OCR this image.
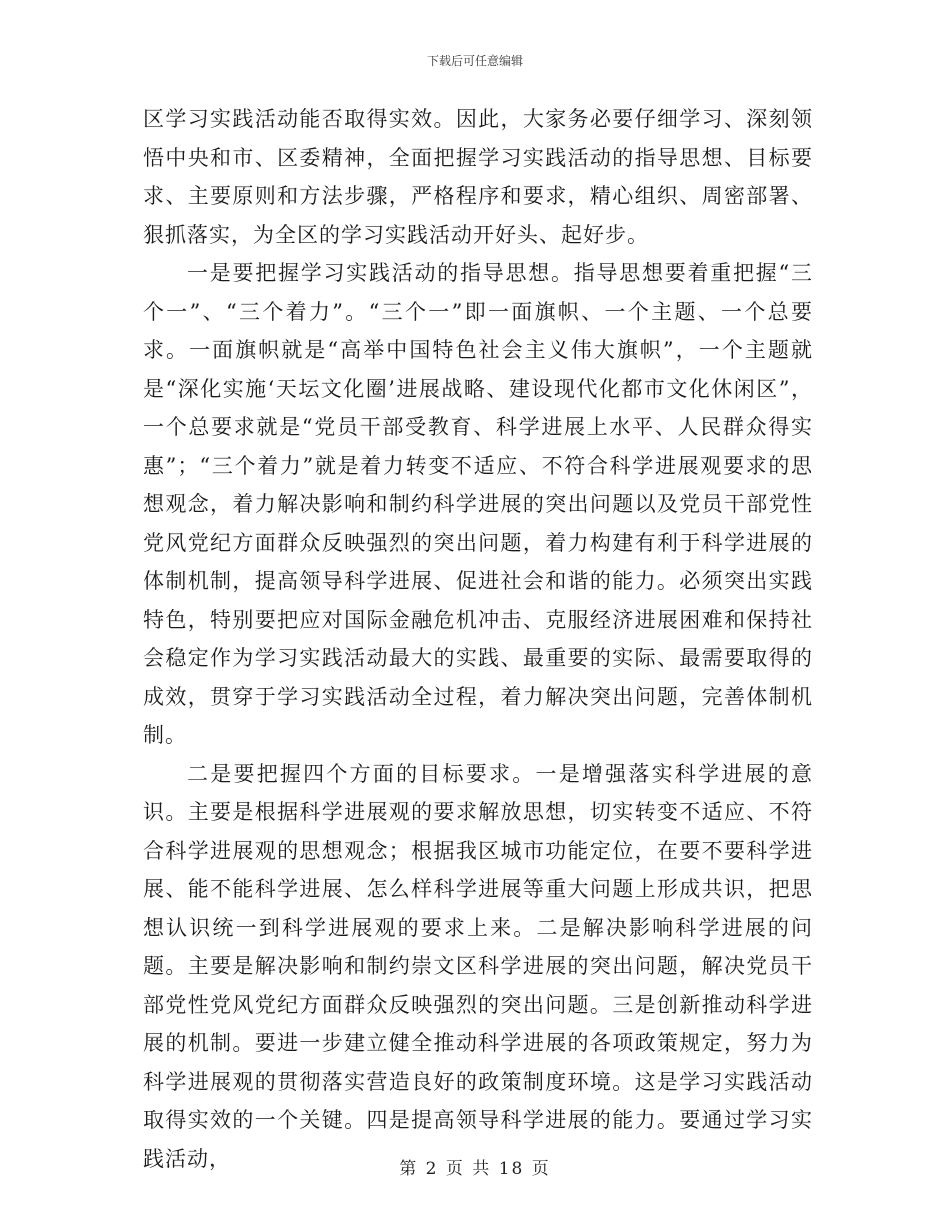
下载后可任意编辑

区学习实践活动能否取得实效。因此，大家务必要仔细学习、深刻领悟中央和市、区委精神，全面把握学习实践活动的指导思想、目标要求、主要原则和方法步骤，严格程序和要求，精心组织、周密部署、狠抓落实，为全区的学习实践活动开好头、起好步。

一是要把握学习实践活动的指导思想。指导思想要着重把握“三个一”、“三个着力”。“三个一”即一面旗帜、一个主题、一个总要求。一面旗帜就是“高举中国特色社会主义伟大旗帜”，一个主题就是“深化实施‘天坛文化圈’进展战略、建设现代化都市文化休闲区”，一个总要求就是“党员干部受教育、科学进展上水平、人民群众得实惠”；“三个着力”就是着力转变不适应、不符合科学进展观要求的思想观念，着力解决影响和制约科学进展的突出问题以及党员干部党性党风党纪方面群众反映强烈的突出问题，着力构建有利于科学进展的体制机制，提高领导科学进展、促进社会和谐的能力。必须突出实践特色，特别要把应对国际金融危机冲击、克服经济进展困难和保持社会稳定作为学习实践活动最大的实践、最重要的实际、最需要取得的成效，贯穿于学习实践活动全过程，着力解决突出问题，完善体制机制。

二是要把握四个方面的目标要求。一是增强落实科学进展的意识。主要是根据科学进展观的要求解放思想，切实转变不适应、不符合科学进展观的思想观念；根据我区城市功能定位，在要不要科学进展、能不能科学进展、怎么样科学进展等重大问题上形成共识，把思想认识统一到科学进展观的要求上来。二是解决影响科学进展的问题。主要是解决影响和制约崇文区科学进展的突出问题，解决党员干部党性党风党纪方面群众反映强烈的突出问题。三是创新推动科学进展的机制。要进一步建立健全推动科学进展的各项政策规定，努力为科学进展观的贯彻落实营造良好的政策制度环境。这是学习实践活动取得实效的一个关键。四是提高领导科学进展的能力。要通过学习实践活动，	第 2 页 共 18 页
